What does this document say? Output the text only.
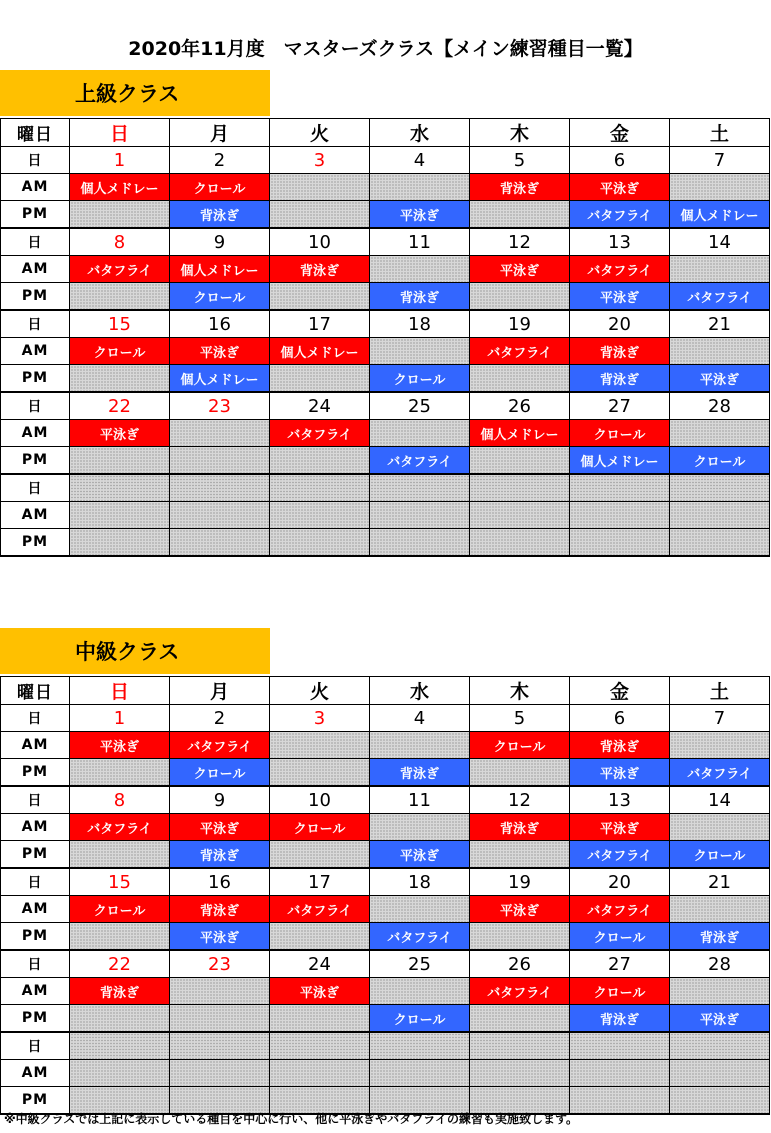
2020年11月度　マスターズクラス【メイン練習種目一覧】
上級クラス
曜日	日	月	火	水	木	金	土
日	1	2	3	4	5	6	7
AM	個人メドレー	クロール			背泳ぎ	平泳ぎ	
PM		背泳ぎ		平泳ぎ		バタフライ	個人メドレー
日	8	9	10	11	12	13	14
AM	バタフライ	個人メドレー	背泳ぎ		平泳ぎ	バタフライ	
PM		クロール		背泳ぎ		平泳ぎ	バタフライ
日	15	16	17	18	19	20	21
AM	クロール	平泳ぎ	個人メドレー		バタフライ	背泳ぎ	
PM		個人メドレー		クロール		背泳ぎ	平泳ぎ
日	22	23	24	25	26	27	28
AM	平泳ぎ		バタフライ		個人メドレー	クロール	
PM				バタフライ		個人メドレー	クロール
日							
AM							
PM							
中級クラス
曜日	日	月	火	水	木	金	土
日	1	2	3	4	5	6	7
AM	平泳ぎ	バタフライ			クロール	背泳ぎ	
PM		クロール		背泳ぎ		平泳ぎ	バタフライ
日	8	9	10	11	12	13	14
AM	バタフライ	平泳ぎ	クロール		背泳ぎ	平泳ぎ	
PM		背泳ぎ		平泳ぎ		バタフライ	クロール
日	15	16	17	18	19	20	21
AM	クロール	背泳ぎ	バタフライ		平泳ぎ	バタフライ	
PM		平泳ぎ		バタフライ		クロール	背泳ぎ
日	22	23	24	25	26	27	28
AM	背泳ぎ		平泳ぎ		バタフライ	クロール	
PM				クロール		背泳ぎ	平泳ぎ
日							
AM							
PM							
※中級クラスでは上記に表示している種目を中心に行い、他に平泳ぎやバタフライの練習も実施致します。
